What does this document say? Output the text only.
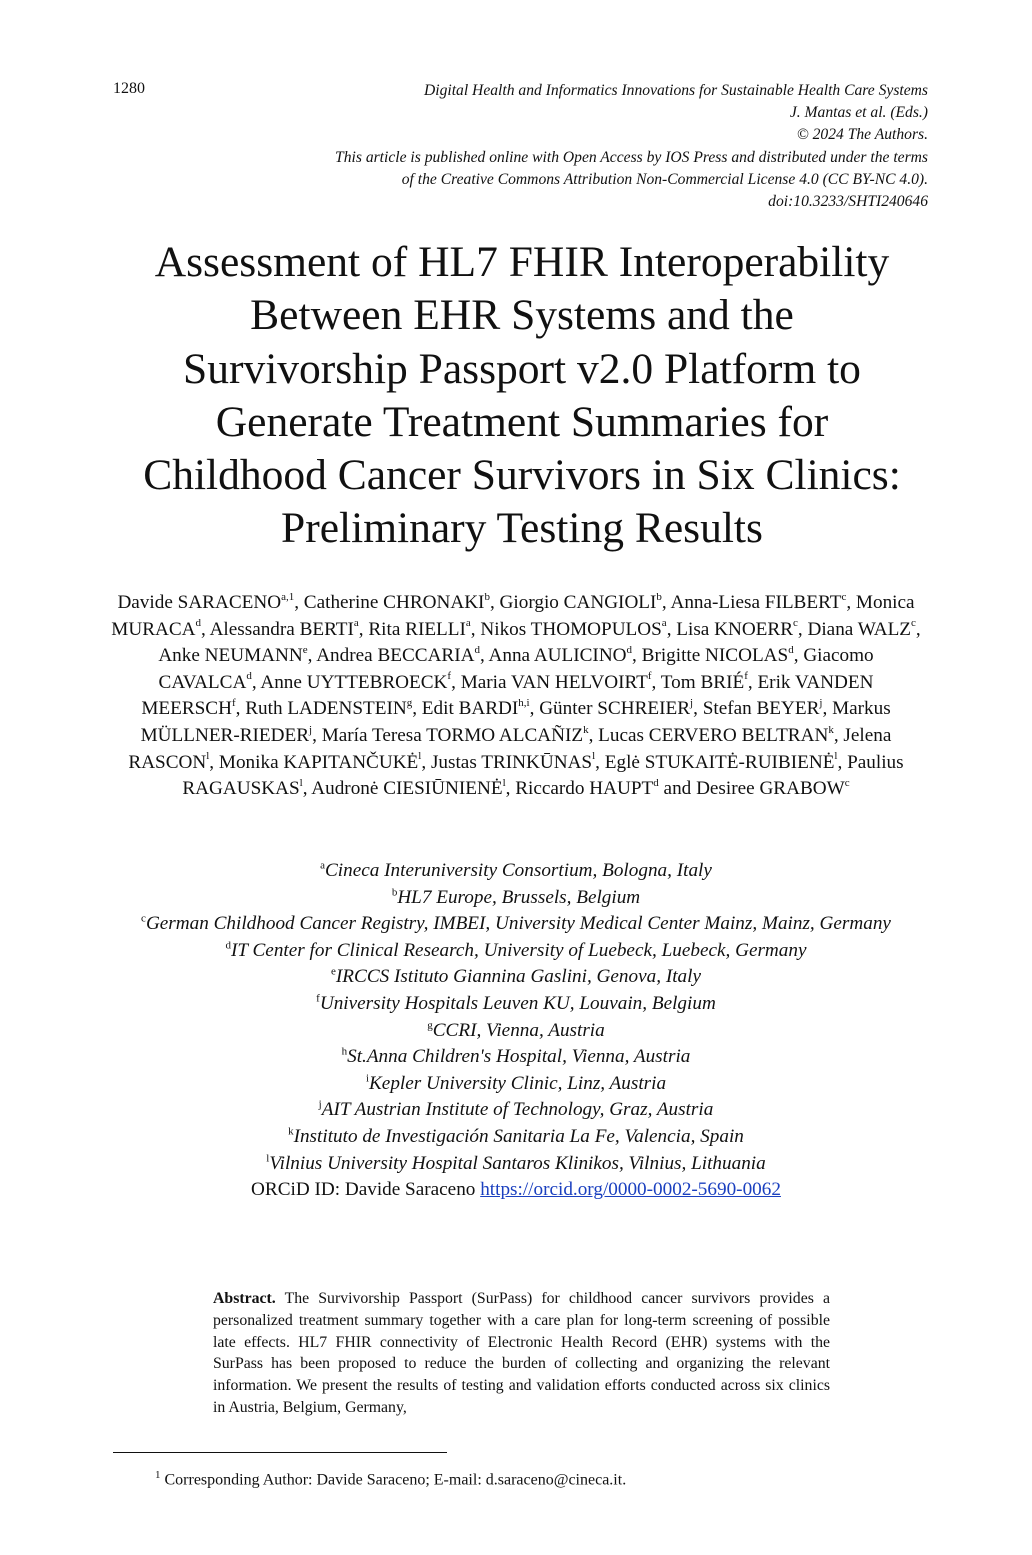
1280	Digital Health and Informatics Innovations for Sustainable Health Care Systems
J. Mantas et al. (Eds.)
© 2024 The Authors.
This article is published online with Open Access by IOS Press and distributed under the terms
of the Creative Commons Attribution Non-Commercial License 4.0 (CC BY-NC 4.0).
doi:10.3233/SHTI240646
Assessment of HL7 FHIR Interoperability
Between EHR Systems and the
Survivorship Passport v2.0 Platform to
Generate Treatment Summaries for
Childhood Cancer Survivors in Six Clinics:
Preliminary Testing Results
Davide SARACENO$^{a,1}$, Catherine CHRONAKI$^b$, Giorgio CANGIOLI$^b$, Anna-Liesa FILBERT$^c$, Monica MURACA$^d$, Alessandra BERTI$^a$, Rita RIELLI$^a$, Nikos THOMOPULOS$^a$, Lisa KNOERR$^c$, Diana WALZ$^c$, Anke NEUMANN$^e$, Andrea BECCARIA$^d$, Anna AULICINO$^d$, Brigitte NICOLAS$^d$, Giacomo CAVALCA$^d$, Anne UYTTEBROECK$^f$, Maria VAN HELVOIRT$^f$, Tom BRIÉ$^f$, Erik VANDEN MEERSCH$^f$, Ruth LADENSTEIN$^g$, Edit BARDI$^{h,i}$, Günter SCHREIER$^j$, Stefan BEYER$^j$, Markus MÜLLNER-RIEDER$^j$, María Teresa TORMO ALCAÑIZ$^k$, Lucas CERVERO BELTRAN$^k$, Jelena RASCON$^l$, Monika KAPITANČUKĖ$^l$, Justas TRINKŪNAS$^l$, Eglė STUKAITĖ-RUIBIENĖ$^l$, Paulius RAGAUSKAS$^l$, Audronė CIESIŪNIENĖ$^l$, Riccardo HAUPT$^d$ and Desiree GRABOW$^c$
$^a$Cineca Interuniversity Consortium, Bologna, Italy
$^b$HL7 Europe, Brussels, Belgium
$^c$German Childhood Cancer Registry, IMBEI, University Medical Center Mainz, Mainz, Germany
$^d$IT Center for Clinical Research, University of Luebeck, Luebeck, Germany
$^e$IRCCS Istituto Giannina Gaslini, Genova, Italy
$^f$University Hospitals Leuven KU, Louvain, Belgium
$^g$CCRI, Vienna, Austria
$^h$St.Anna Children's Hospital, Vienna, Austria
$^i$Kepler University Clinic, Linz, Austria
$^j$AIT Austrian Institute of Technology, Graz, Austria
$^k$Instituto de Investigación Sanitaria La Fe, Valencia, Spain
$^l$Vilnius University Hospital Santaros Klinikos, Vilnius, Lithuania
ORCiD ID: Davide Saraceno https://orcid.org/0000-0002-5690-0062
Abstract. The Survivorship Passport (SurPass) for childhood cancer survivors provides a personalized treatment summary together with a care plan for long-term screening of possible late effects. HL7 FHIR connectivity of Electronic Health Record (EHR) systems with the SurPass has been proposed to reduce the burden of collecting and organizing the relevant information. We present the results of testing and validation efforts conducted across six clinics in Austria, Belgium, Germany,
$^1$ Corresponding Author: Davide Saraceno; E-mail: d.saraceno@cineca.it.
